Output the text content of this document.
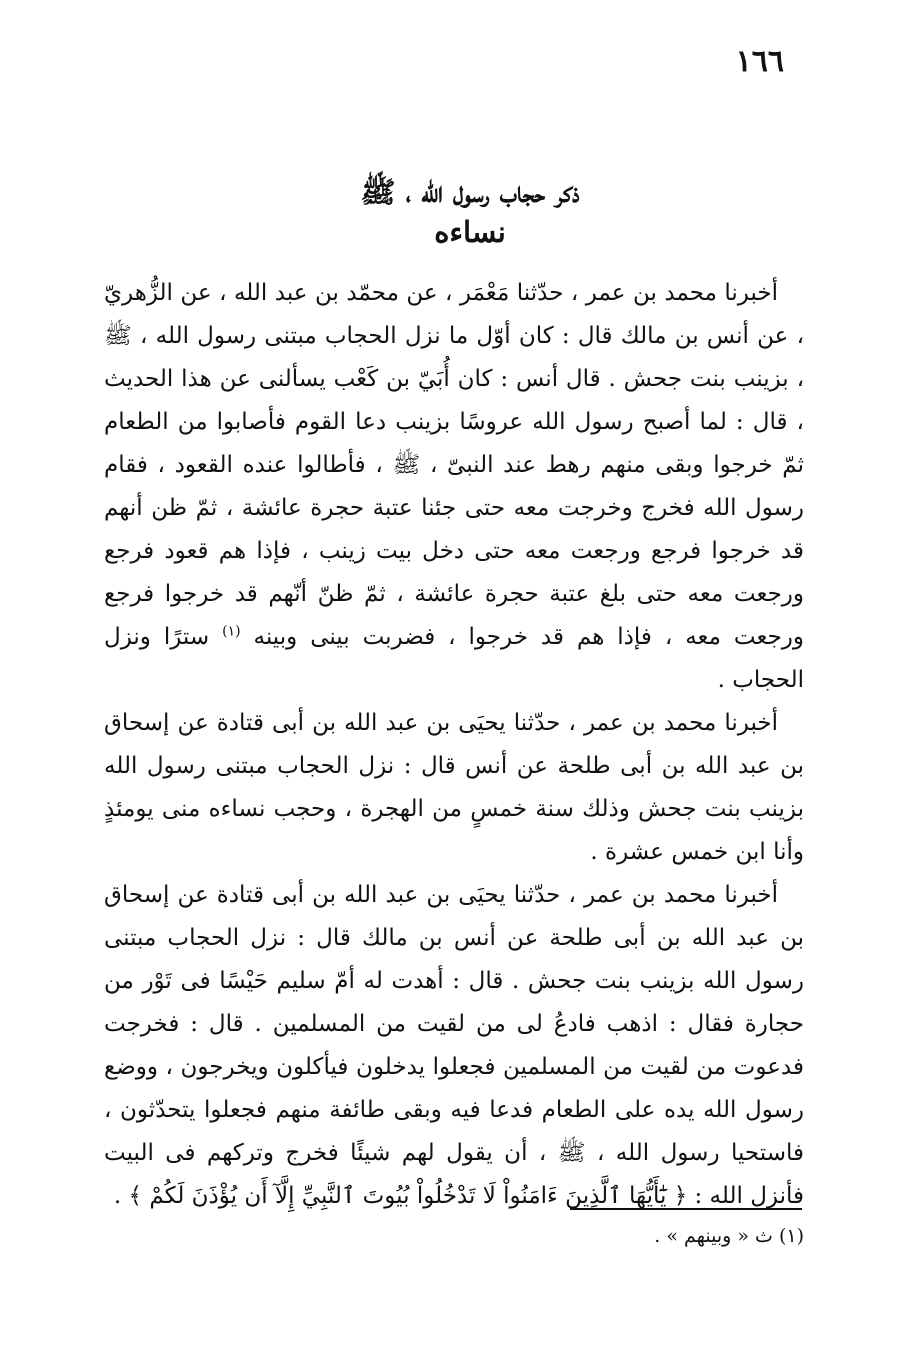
١٦٦
ذكر حجاب رسول الله ، ﷺ
نساءه

أخبرنا محمد بن عمر ، حدّثنا مَعْمَر ، عن محمّد بن عبد الله ، عن الزُّهريّ ، عن أنس بن مالك قال : كان أوّل ما نزل الحجاب مبتنى رسول الله ، ﷺ ، بزينب بنت جحش . قال أنس : كان أُبَيّ بن كَعْب يسألنى عن هذا الحديث ، قال : لما أصبح رسول الله عروسًا بزينب دعا القوم فأصابوا من الطعام ثمّ خرجوا وبقى منهم رهط عند النبىّ ، ﷺ ، فأطالوا عنده القعود ، فقام رسول الله فخرج وخرجت معه حتى جئنا عتبة حجرة عائشة ، ثمّ ظن أنهم قد خرجوا فرجع ورجعت معه حتى دخل بيت زينب ، فإذا هم قعود فرجع ورجعت معه حتى بلغ عتبة حجرة عائشة ، ثمّ ظنّ أنّهم قد خرجوا فرجع ورجعت معه ، فإذا هم قد خرجوا ، فضربت بينى وبينه $^{(١)}$ سترًا ونزل الحجاب .

أخبرنا محمد بن عمر ، حدّثنا يحيَى بن عبد الله بن أبى قتادة عن إسحاق بن عبد الله بن أبى طلحة عن أنس قال : نزل الحجاب مبتنى رسول الله بزينب بنت جحش وذلك سنة خمسٍ من الهجرة ، وحجب نساءه منى يومئذٍ وأنا ابن خمس عشرة .

أخبرنا محمد بن عمر ، حدّثنا يحيَى بن عبد الله بن أبى قتادة عن إسحاق بن عبد الله بن أبى طلحة عن أنس بن مالك قال : نزل الحجاب مبتنى رسول الله بزينب بنت جحش . قال : أهدت له أمّ سليم حَيْسًا فى تَوْر من حجارة فقال : اذهب فادعُ لى من لقيت من المسلمين . قال : فخرجت فدعوت من لقيت من المسلمين فجعلوا يدخلون فيأكلون ويخرجون ، ووضع رسول الله يده على الطعام فدعا فيه وبقى طائفة منهم فجعلوا يتحدّثون ، فاستحيا رسول الله ، ﷺ ، أن يقول لهم شيئًا فخرج وتركهم فى البيت فأنزل الله : ﴿ يَٰٓأَيُّهَا ٱلَّذِينَ ءَامَنُواْ لَا تَدْخُلُواْ بُيُوتَ ٱلنَّبِيِّ إِلَّآ أَن يُؤْذَنَ لَكُمْ ﴾ .

(١) ث « وبينهم » .
